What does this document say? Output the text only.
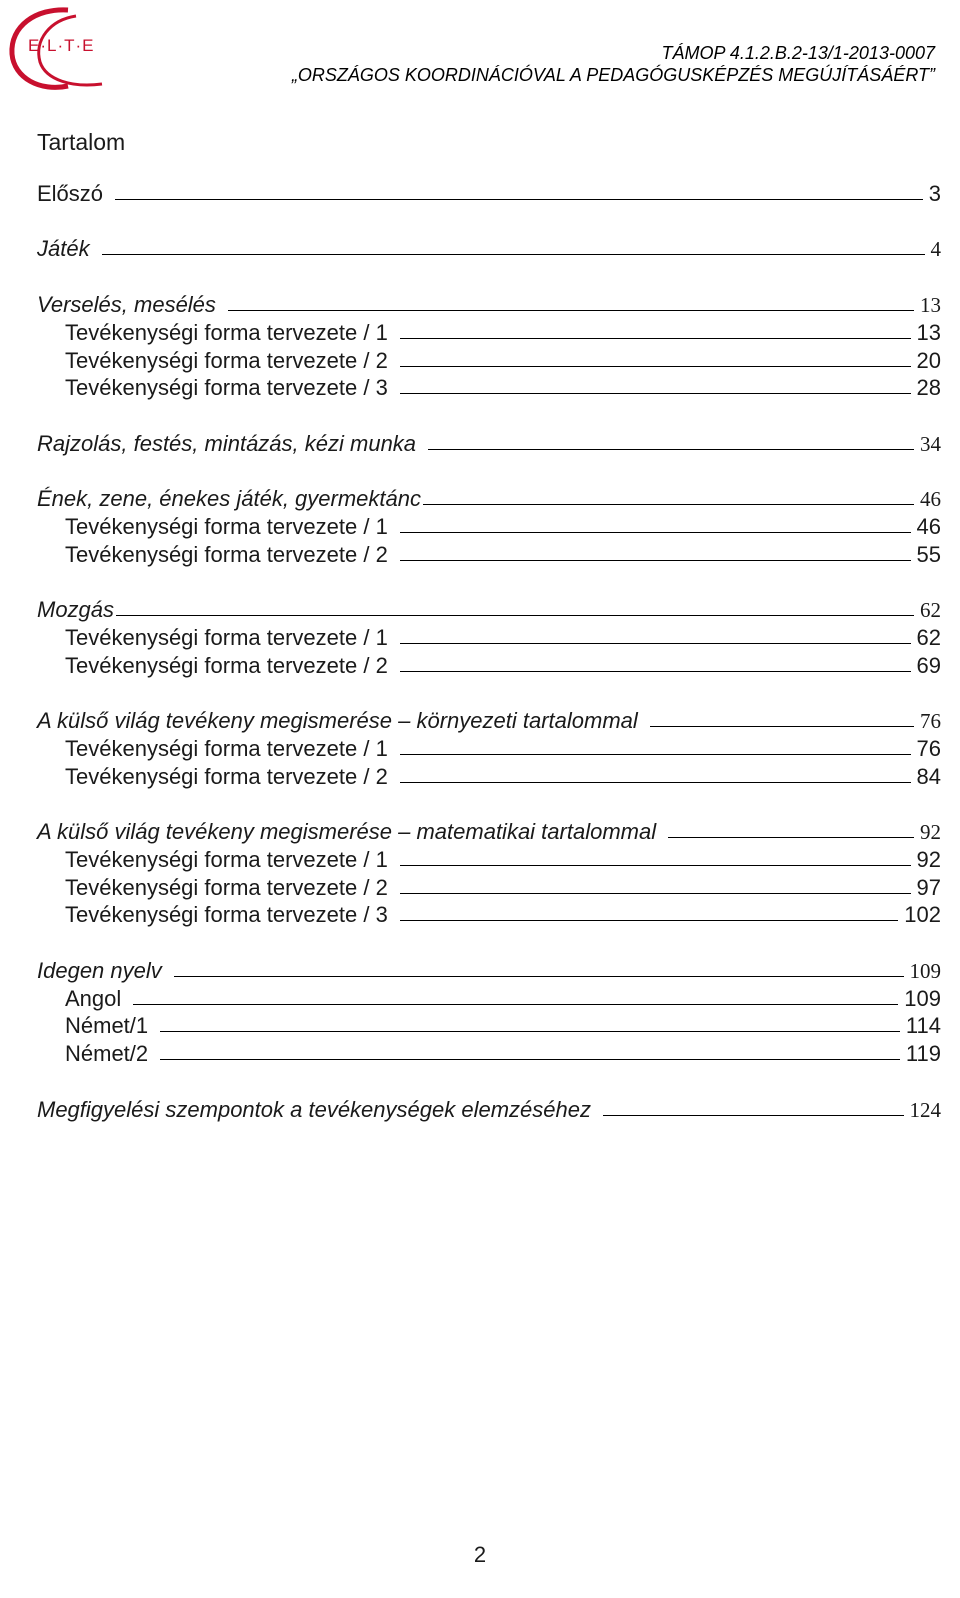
E·L·T·E	TÁMOP 4.1.2.B.2-13/1-2013-0007
„ORSZÁGOS KOORDINÁCIÓVAL A PEDAGÓGUSKÉPZÉS MEGÚJÍTÁSÁÉRT”
Tartalom
Előszó	3
Játék	4
Verselés, mesélés	13
Tevékenységi forma tervezete / 1	13
Tevékenységi forma tervezete / 2	20
Tevékenységi forma tervezete / 3	28
Rajzolás, festés, mintázás, kézi munka	34
Ének, zene, énekes játék, gyermektánc	46
Tevékenységi forma tervezete / 1	46
Tevékenységi forma tervezete / 2	55
Mozgás	62
Tevékenységi forma tervezete / 1	62
Tevékenységi forma tervezete / 2	69
A külső világ tevékeny megismerése – környezeti tartalommal	76
Tevékenységi forma tervezete / 1	76
Tevékenységi forma tervezete / 2	84
A külső világ tevékeny megismerése – matematikai tartalommal	92
Tevékenységi forma tervezete / 1	92
Tevékenységi forma tervezete / 2	97
Tevékenységi forma tervezete / 3	102
Idegen nyelv	109
Angol	109
Német/1	114
Német/2	119
Megfigyelési szempontok a tevékenységek elemzéséhez	124
2
